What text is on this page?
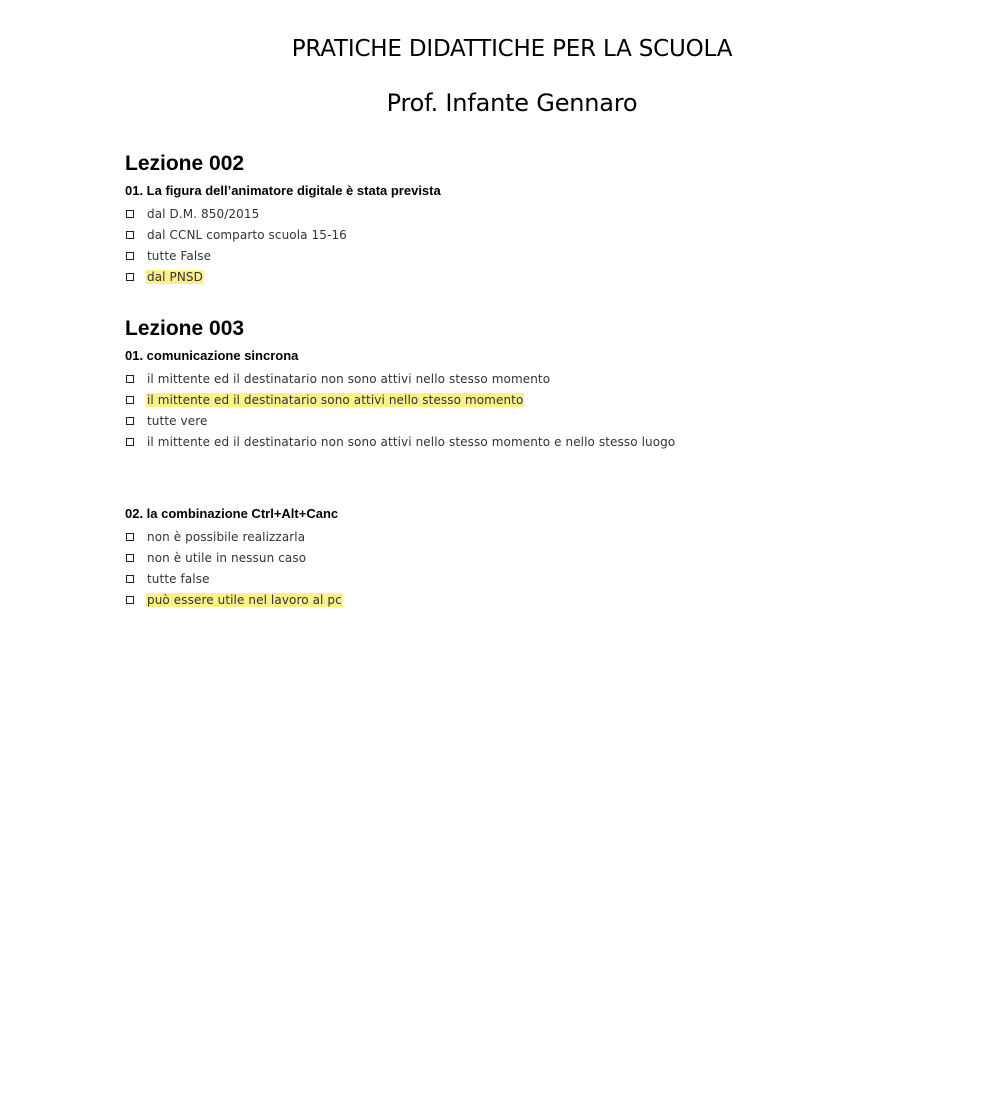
PRATICHE DIDATTICHE PER LA SCUOLA
Prof. Infante Gennaro
Lezione 002

01. La figura dell’animatore digitale è stata prevista

dal D.M. 850/2015
dal CCNL comparto scuola 15-16
tutte False
dal PNSD
Lezione 003

01. comunicazione sincrona

il mittente ed il destinatario non sono attivi nello stesso momento
il mittente ed il destinatario sono attivi nello stesso momento
tutte vere
il mittente ed il destinatario non sono attivi nello stesso momento e nello stesso luogo

02. la combinazione Ctrl+Alt+Canc

non è possibile realizzarla
non è utile in nessun caso
tutte false
può essere utile nel lavoro al pc
